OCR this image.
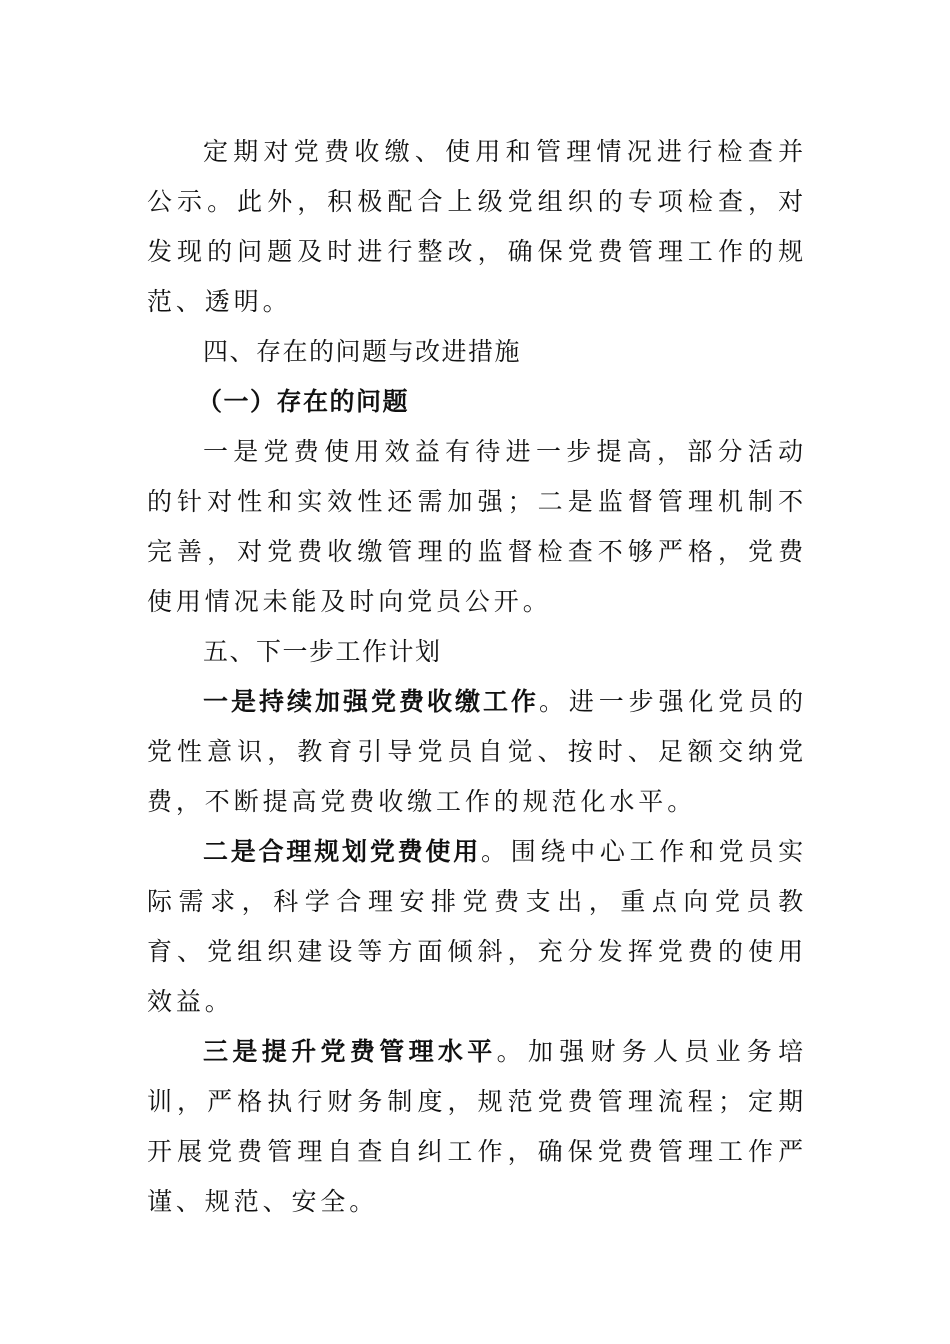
定期对党费收缴、使用和管理情况进行检查并公示。此外，积极配合上级党组织的专项检查，对发现的问题及时进行整改，确保党费管理工作的规范、透明。

四、存在的问题与改进措施

（一）存在的问题

一是党费使用效益有待进一步提高，部分活动的针对性和实效性还需加强；二是监督管理机制不完善，对党费收缴管理的监督检查不够严格，党费使用情况未能及时向党员公开。

五、下一步工作计划

一是持续加强党费收缴工作。进一步强化党员的党性意识，教育引导党员自觉、按时、足额交纳党费，不断提高党费收缴工作的规范化水平。

二是合理规划党费使用。围绕中心工作和党员实际需求，科学合理安排党费支出，重点向党员教育、党组织建设等方面倾斜，充分发挥党费的使用效益。

三是提升党费管理水平。加强财务人员业务培训，严格执行财务制度，规范党费管理流程；定期开展党费管理自查自纠工作，确保党费管理工作严谨、规范、安全。
